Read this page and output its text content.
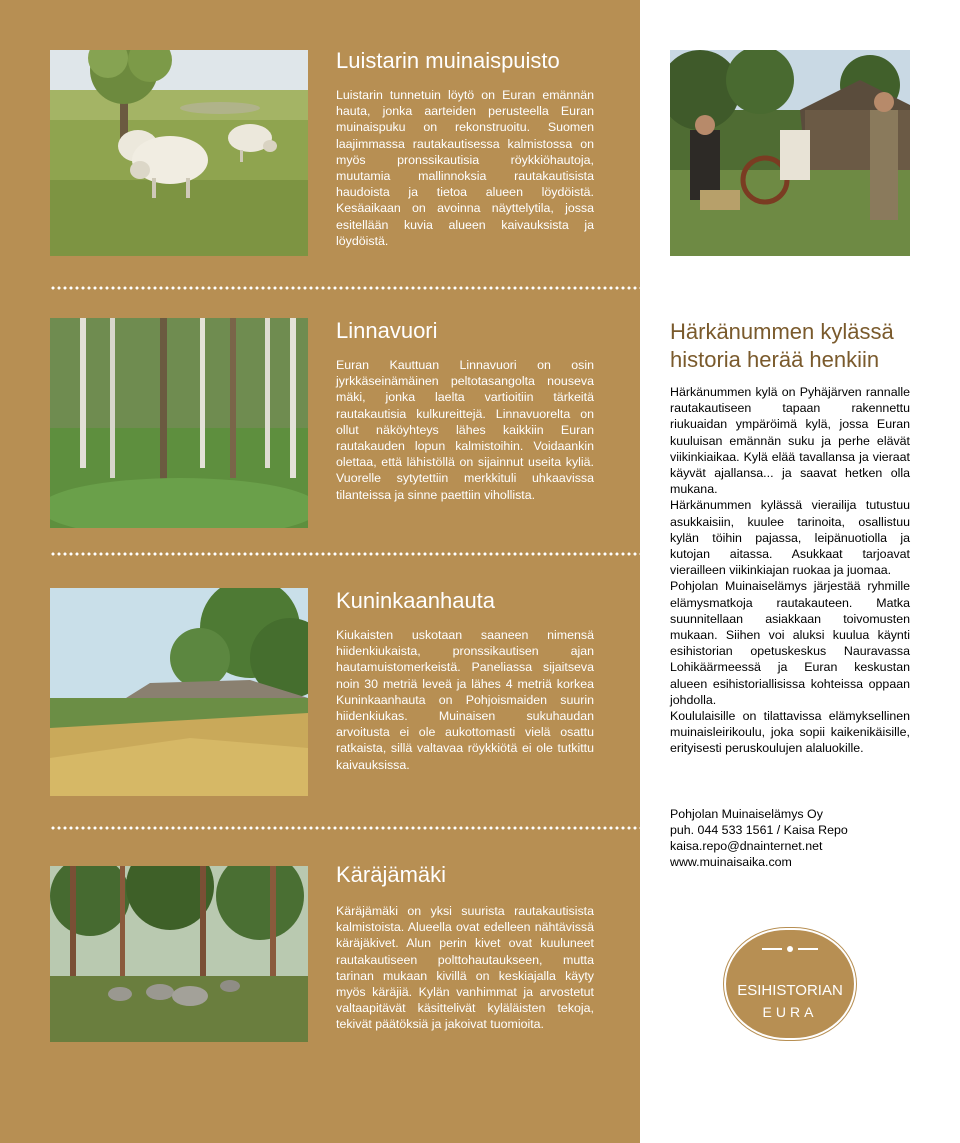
Luistarin muinaispuisto

Luistarin tunnetuin löytö on Euran emännän hauta, jonka aarteiden perusteella Euran muinaispuku on rekonstruoitu. Suomen laajimmassa rautakautisessa kalmistossa on myös pronssikautisia röykkiöhautoja, muutamia mallinnoksia rautakautisista haudoista ja tietoa alueen löydöistä. Kesäaikaan on avoinna näyttelytila, jossa esitellään kuvia alueen kaivauksista ja löydöistä.

Linnavuori

Euran Kauttuan Linnavuori on osin jyrkkäseinämäinen peltotasangolta nouseva mäki, jonka laelta vartioitiin tärkeitä rautakautisia kulkureittejä. Linnavuorelta on ollut näköyhteys lähes kaikkiin Euran rautakauden lopun kalmistoihin. Voidaankin olettaa, että lähistöllä on sijainnut useita kyliä. Vuorelle sytytettiin merkkituli uhkaavissa tilanteissa ja sinne paettiin vihollista.

Kuninkaanhauta

Kiukaisten uskotaan saaneen nimensä hiidenkiukaista, pronssikautisen ajan hautamuistomerkeistä. Paneliassa sijaitseva noin 30 metriä leveä ja lähes 4 metriä korkea Kuninkaanhauta on Pohjoismaiden suurin hiidenkiukas. Muinaisen sukuhaudan arvoitusta ei ole aukottomasti vielä osattu ratkaista, sillä valtavaa röykkiötä ei ole tutkittu kaivauksissa.

Käräjämäki

Käräjämäki on yksi suurista rautakautisista kalmistoista. Alueella ovat edelleen nähtävissä käräjäkivet. Alun perin kivet ovat kuuluneet rautakautiseen polttohautaukseen, mutta tarinan mukaan kivillä on keskiajalla käyty myös käräjiä. Kylän vanhimmat ja arvostetut valtaapitävät käsittelivät kyläläisten tekoja, tekivät päätöksiä ja jakoivat tuomioita.

Härkänummen kylässä historia herää henkiin

Härkänummen kylä on Pyhäjärven rannalle rautakautiseen tapaan rakennettu riukuaidan ympäröimä kylä, jossa Euran kuuluisan emännän suku ja perhe elävät viikinkiaikaa. Kylä elää tavallansa ja vieraat käyvät ajallansa... ja saavat hetken olla mukana.

Härkänummen kylässä vierailija tutustuu asukkaisiin, kuulee tarinoita, osallistuu kylän töihin pajassa, leipänuotiolla ja kutojan aitassa. Asukkaat tarjoavat vierailleen viikinkiajan ruokaa ja juomaa.

Pohjolan Muinaiselämys järjestää ryhmille elämysmatkoja rautakauteen. Matka suunnitellaan asiakkaan toivomusten mukaan. Siihen voi aluksi kuulua käynti esihistorian opetuskeskus Nauravassa Lohikäärmeessä ja Euran keskustan alueen esihistoriallisissa kohteissa oppaan johdolla.

Koululaisille on tilattavissa elämyksellinen muinaisleirikoulu, joka sopii kaikenikäisille, erityisesti peruskoulujen alaluokille.

Pohjolan Muinaiselämys Oy
puh. 044 533 1561 / Kaisa Repo
kaisa.repo@dnainternet.net
www.muinaisaika.com
ESIHISTORIAN
EURA
